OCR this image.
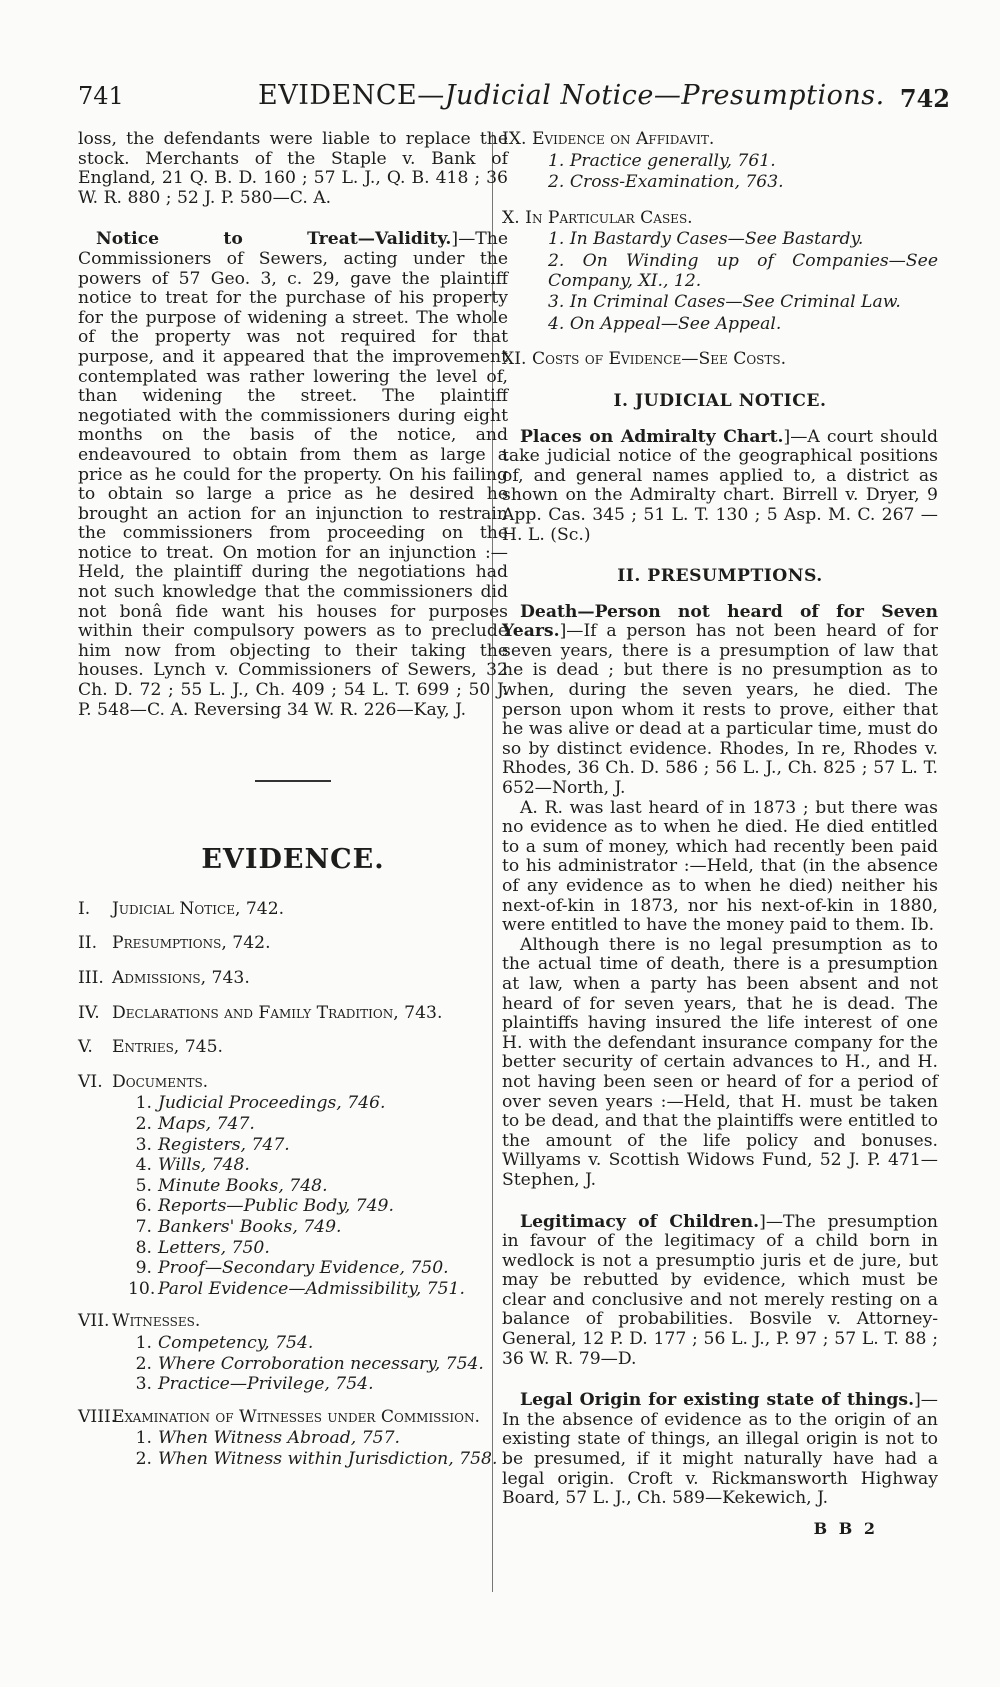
741	EVIDENCE—Judicial Notice—Presumptions. 742

loss, the defendants were liable to replace the stock. Merchants of the Staple v. Bank of England, 21 Q. B. D. 160 ; 57 L. J., Q. B. 418 ; 36 W. R. 880 ; 52 J. P. 580—C. A.

Notice to Treat—Validity.]—The Commissioners of Sewers, acting under the powers of 57 Geo. 3, c. 29, gave the plaintiff notice to treat for the purchase of his property for the purpose of widening a street. The whole of the property was not required for that purpose, and it appeared that the improvement contemplated was rather lowering the level of, than widening the street. The plaintiff negotiated with the commissioners during eight months on the basis of the notice, and endeavoured to obtain from them as large a price as he could for the property. On his failing to obtain so large a price as he desired he brought an action for an injunction to restrain the commissioners from proceeding on the notice to treat. On motion for an injunction :—Held, the plaintiff during the negotiations had not such knowledge that the commissioners did not bonâ fide want his houses for purposes within their compulsory powers as to preclude him now from objecting to their taking the houses. Lynch v. Commissioners of Sewers, 32 Ch. D. 72 ; 55 L. J., Ch. 409 ; 54 L. T. 699 ; 50 J. P. 548—C. A. Reversing 34 W. R. 226—Kay, J.

EVIDENCE.
I. Judicial Notice, 742.
II. Presumptions, 742.
III. Admissions, 743.
IV. Declarations and Family Tradition, 743.
V. Entries, 745.
VI. Documents.
1. Judicial Proceedings, 746.
2. Maps, 747.
3. Registers, 747.
4. Wills, 748.
5. Minute Books, 748.
6. Reports—Public Body, 749.
7. Bankers' Books, 749.
8. Letters, 750.
9. Proof—Secondary Evidence, 750.
10. Parol Evidence—Admissibility, 751.
VII. Witnesses.
1. Competency, 754.
2. Where Corroboration necessary, 754.
3. Practice—Privilege, 754.
VIII.Examination of Witnesses under Commission.
1. When Witness Abroad, 757.
2. When Witness within Jurisdiction, 758.

IX. Evidence on Affidavit.

1. Practice generally, 761.

2. Cross-Examination, 763.

X. In Particular Cases.

1. In Bastardy Cases—See Bastardy.

2. On Winding up of Companies—See Company, XI., 12.

3. In Criminal Cases—See Criminal Law.

4. On Appeal—See Appeal.

XI. Costs of Evidence—See Costs.

I. JUDICIAL NOTICE.

Places on Admiralty Chart.]—A court should take judicial notice of the geographical positions of, and general names applied to, a district as shown on the Admiralty chart. Birrell v. Dryer, 9 App. Cas. 345 ; 51 L. T. 130 ; 5 Asp. M. C. 267 —H. L. (Sc.)

II. PRESUMPTIONS.

Death—Person not heard of for Seven Years.]—If a person has not been heard of for seven years, there is a presumption of law that he is dead ; but there is no presumption as to when, during the seven years, he died. The person upon whom it rests to prove, either that he was alive or dead at a particular time, must do so by distinct evidence. Rhodes, In re, Rhodes v. Rhodes, 36 Ch. D. 586 ; 56 L. J., Ch. 825 ; 57 L. T. 652—North, J.

A. R. was last heard of in 1873 ; but there was no evidence as to when he died. He died entitled to a sum of money, which had recently been paid to his administrator :—Held, that (in the absence of any evidence as to when he died) neither his next-of-kin in 1873, nor his next-of-kin in 1880, were entitled to have the money paid to them. Ib.

Although there is no legal presumption as to the actual time of death, there is a presumption at law, when a party has been absent and not heard of for seven years, that he is dead. The plaintiffs having insured the life interest of one H. with the defendant insurance company for the better security of certain advances to H., and H. not having been seen or heard of for a period of over seven years :—Held, that H. must be taken to be dead, and that the plaintiffs were entitled to the amount of the life policy and bonuses. Willyams v. Scottish Widows Fund, 52 J. P. 471—Stephen, J.

Legitimacy of Children.]—The presumption in favour of the legitimacy of a child born in wedlock is not a presumptio juris et de jure, but may be rebutted by evidence, which must be clear and conclusive and not merely resting on a balance of probabilities. Bosvile v. Attorney-General, 12 P. D. 177 ; 56 L. J., P. 97 ; 57 L. T. 88 ; 36 W. R. 79—D.

Legal Origin for existing state of things.]—In the absence of evidence as to the origin of an existing state of things, an illegal origin is not to be presumed, if it might naturally have had a legal origin. Croft v. Rickmansworth Highway Board, 57 L. J., Ch. 589—Kekewich, J.

B B 2
